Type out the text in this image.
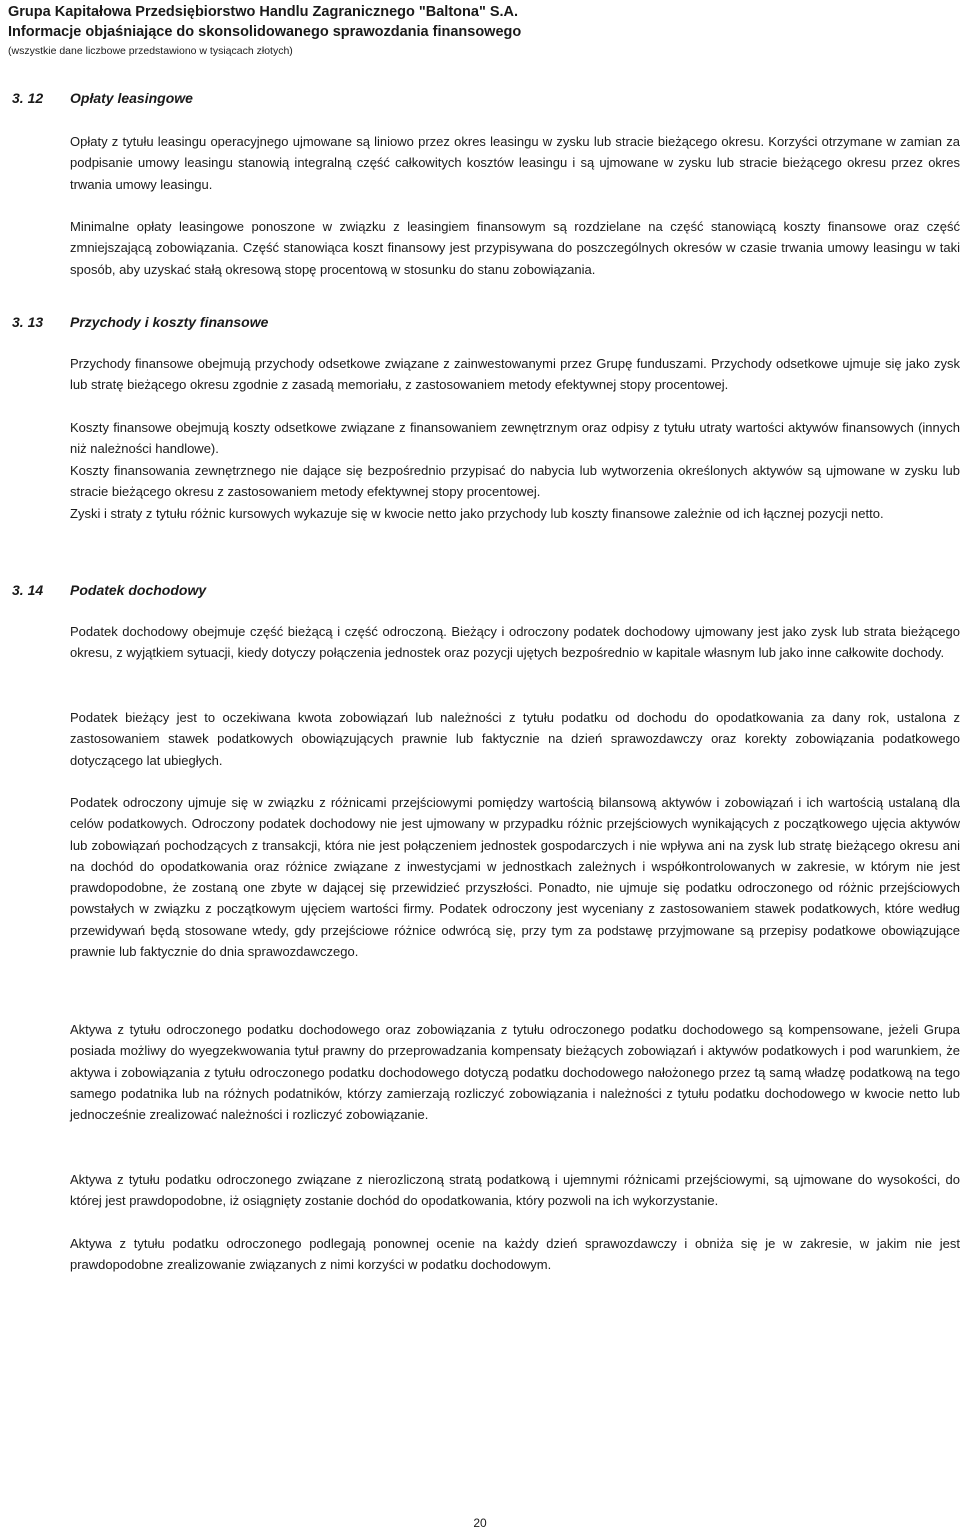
Grupa Kapitałowa Przedsiębiorstwo Handlu Zagranicznego "Baltona" S.A.
Informacje objaśniające do skonsolidowanego sprawozdania finansowego
(wszystkie dane liczbowe przedstawiono w tysiącach złotych)
3. 12	Opłaty leasingowe
Opłaty z tytułu leasingu operacyjnego ujmowane są liniowo przez okres leasingu w zysku lub stracie bieżącego okresu. Korzyści otrzymane w zamian za podpisanie umowy leasingu stanowią integralną część całkowitych kosztów leasingu i są ujmowane w zysku lub stracie bieżącego okresu przez okres trwania umowy leasingu.
Minimalne opłaty leasingowe ponoszone w związku z leasingiem finansowym są rozdzielane na część stanowiącą koszty finansowe oraz część zmniejszającą zobowiązania. Część stanowiąca koszt finansowy jest przypisywana do poszczególnych okresów w czasie trwania umowy leasingu w taki sposób, aby uzyskać stałą okresową stopę procentową w stosunku do stanu zobowiązania.
3. 13	Przychody i koszty finansowe
Przychody finansowe obejmują przychody odsetkowe związane z zainwestowanymi przez Grupę funduszami. Przychody odsetkowe ujmuje się jako zysk lub stratę bieżącego okresu zgodnie z zasadą memoriału, z zastosowaniem metody efektywnej stopy procentowej.
Koszty finansowe obejmują koszty odsetkowe związane z finansowaniem zewnętrznym oraz odpisy z tytułu utraty wartości aktywów finansowych (innych niż należności handlowe).
Koszty finansowania zewnętrznego nie dające się bezpośrednio przypisać do nabycia lub wytworzenia określonych aktywów są ujmowane w zysku lub stracie bieżącego okresu z zastosowaniem metody efektywnej stopy procentowej.
Zyski i straty z tytułu różnic kursowych wykazuje się w kwocie netto jako przychody lub koszty finansowe zależnie od ich łącznej pozycji netto.
3. 14	Podatek dochodowy
Podatek dochodowy obejmuje część bieżącą i część odroczoną. Bieżący i odroczony podatek dochodowy ujmowany jest jako zysk lub strata bieżącego okresu, z wyjątkiem sytuacji, kiedy dotyczy połączenia jednostek oraz pozycji ujętych bezpośrednio w kapitale własnym lub jako inne całkowite dochody.
Podatek bieżący jest to oczekiwana kwota zobowiązań lub należności z tytułu podatku od dochodu do opodatkowania za dany rok, ustalona z zastosowaniem stawek podatkowych obowiązujących prawnie lub faktycznie na dzień sprawozdawczy oraz korekty zobowiązania podatkowego dotyczącego lat ubiegłych.
Podatek odroczony ujmuje się w związku z różnicami przejściowymi pomiędzy wartością bilansową aktywów i zobowiązań i ich wartością ustalaną dla celów podatkowych. Odroczony podatek dochodowy nie jest ujmowany w przypadku różnic przejściowych wynikających z początkowego ujęcia aktywów lub zobowiązań pochodzących z transakcji, która nie jest połączeniem jednostek gospodarczych i nie wpływa ani na zysk lub stratę bieżącego okresu ani na dochód do opodatkowania oraz różnice związane z inwestycjami w jednostkach zależnych i współkontrolowanych w zakresie, w którym nie jest prawdopodobne, że zostaną one zbyte w dającej się przewidzieć przyszłości. Ponadto, nie ujmuje się podatku odroczonego od różnic przejściowych powstałych w związku z początkowym ujęciem wartości firmy. Podatek odroczony jest wyceniany z zastosowaniem stawek podatkowych, które według przewidywań będą stosowane wtedy, gdy przejściowe różnice odwrócą się, przy tym za podstawę przyjmowane są przepisy podatkowe obowiązujące prawnie lub faktycznie do dnia sprawozdawczego.
Aktywa z tytułu odroczonego podatku dochodowego oraz zobowiązania z tytułu odroczonego podatku dochodowego są kompensowane, jeżeli Grupa posiada możliwy do wyegzekwowania tytuł prawny do przeprowadzania kompensaty bieżących zobowiązań i aktywów podatkowych i pod warunkiem, że aktywa i zobowiązania z tytułu odroczonego podatku dochodowego dotyczą podatku dochodowego nałożonego przez tą samą władzę podatkową na tego samego podatnika lub na różnych podatników, którzy zamierzają rozliczyć zobowiązania i należności z tytułu podatku dochodowego w kwocie netto lub jednocześnie zrealizować należności i rozliczyć zobowiązanie.
Aktywa z tytułu podatku odroczonego związane z nierozliczoną stratą podatkową i ujemnymi różnicami przejściowymi, są ujmowane do wysokości, do której jest prawdopodobne, iż osiągnięty zostanie dochód do opodatkowania, który pozwoli na ich wykorzystanie.
Aktywa z tytułu podatku odroczonego podlegają ponownej ocenie na każdy dzień sprawozdawczy i obniża się je w zakresie, w jakim nie jest prawdopodobne zrealizowanie związanych z nimi korzyści w podatku dochodowym.
20
